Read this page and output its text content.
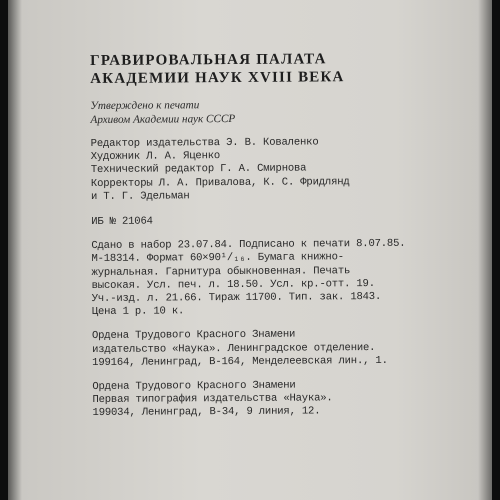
ГРАВИРОВАЛЬНАЯ ПАЛАТА
АКАДЕМИИ НАУК XVIII ВЕКА
Утверждено к печати
Архивом Академии наук СССР
Редактор издательства Э. В. Коваленко
Художник Л. А. Яценко
Технический редактор Г. А. Смирнова
Корректоры Л. А. Привалова, К. С. Фридлянд
и Т. Г. Эдельман
ИБ № 21064
Сдано в набор 23.07.84. Подписано к печати 8.07.85.
М-18314. Формат 60×90¹/₁₆. Бумага книжно-
журнальная. Гарнитура обыкновенная. Печать
высокая. Усл. печ. л. 18.50. Усл. кр.-отт. 19.
Уч.-изд. л. 21.66. Тираж 11700. Тип. зак. 1843.
Цена 1 р. 10 к.
Ордена Трудового Красного Знамени
издательство «Наука». Ленинградское отделение.
199164, Ленинград, В-164, Менделеевская лин., 1.
Ордена Трудового Красного Знамени
Первая типография издательства «Наука».
199034, Ленинград, В-34, 9 линия, 12.
